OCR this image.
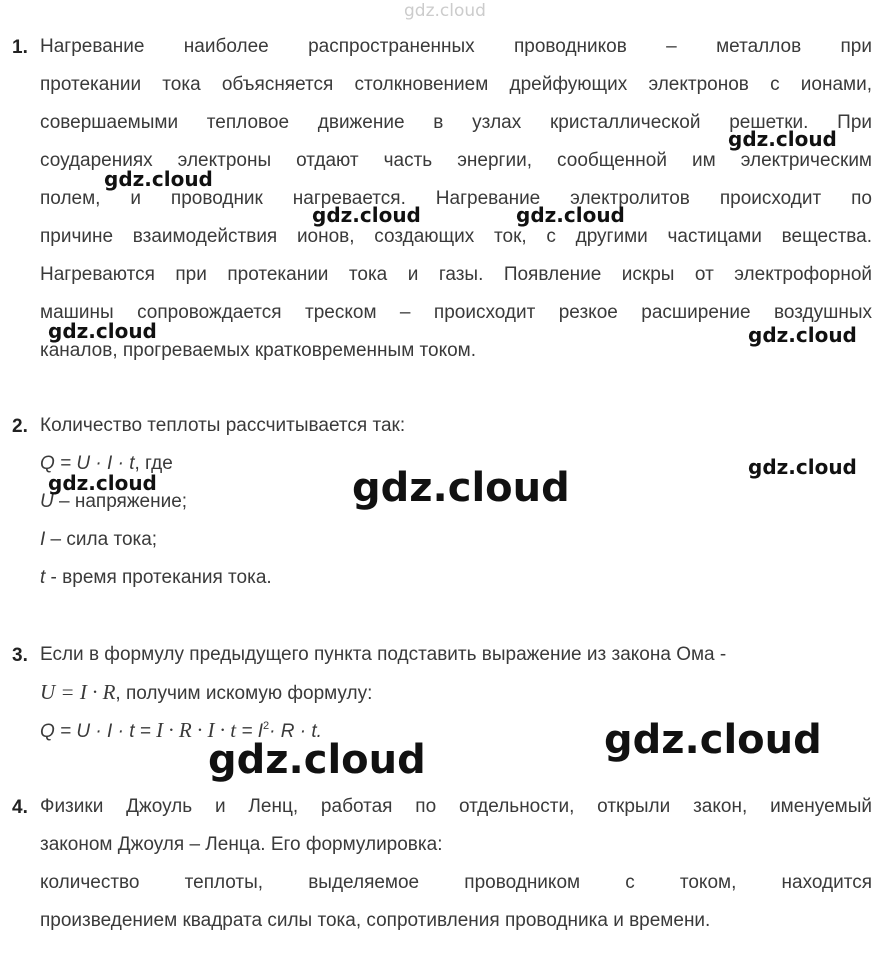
gdz.cloud
1. Нагревание наиболее распространенных проводников – металлов при
протекании тока объясняется столкновением дрейфующих электронов с ионами,
совершаемыми тепловое движение в узлах кристаллической решетки. При
соударениях электроны отдают часть энергии, сообщенной им электрическим
полем, и проводник нагревается. Нагревание электролитов происходит по
причине взаимодействия ионов, создающих ток, с другими частицами вещества.
Нагреваются при протекании тока и газы. Появление искры от электрофорной
машины сопровождается треском – происходит резкое расширение воздушных
каналов, прогреваемых кратковременным током.
2. Количество теплоты рассчитывается так:
Q = U · I · t, где
U – напряжение;
I – сила тока;
t - время протекания тока.
3. Если в формулу предыдущего пункта подставить выражение из закона Ома -
U = I · R, получим искомую формулу:
$Q = U \cdot I \cdot t = I \cdot R \cdot I \cdot t = I^2\cdot R \cdot t$.
4. Физики Джоуль и Ленц, работая по отдельности, открыли закон, именуемый
законом Джоуля – Ленца. Его формулировка:
количество теплоты, выделяемое проводником с током, находится
произведением квадрата силы тока, сопротивления проводника и времени.
gdz.cloud
gdz.cloud
gdz.cloud	gdz.cloud
gdz.cloud	gdz.cloud
gdz.cloud
gdz.cloud	gdz.cloud
gdz.cloud
gdz.cloud
